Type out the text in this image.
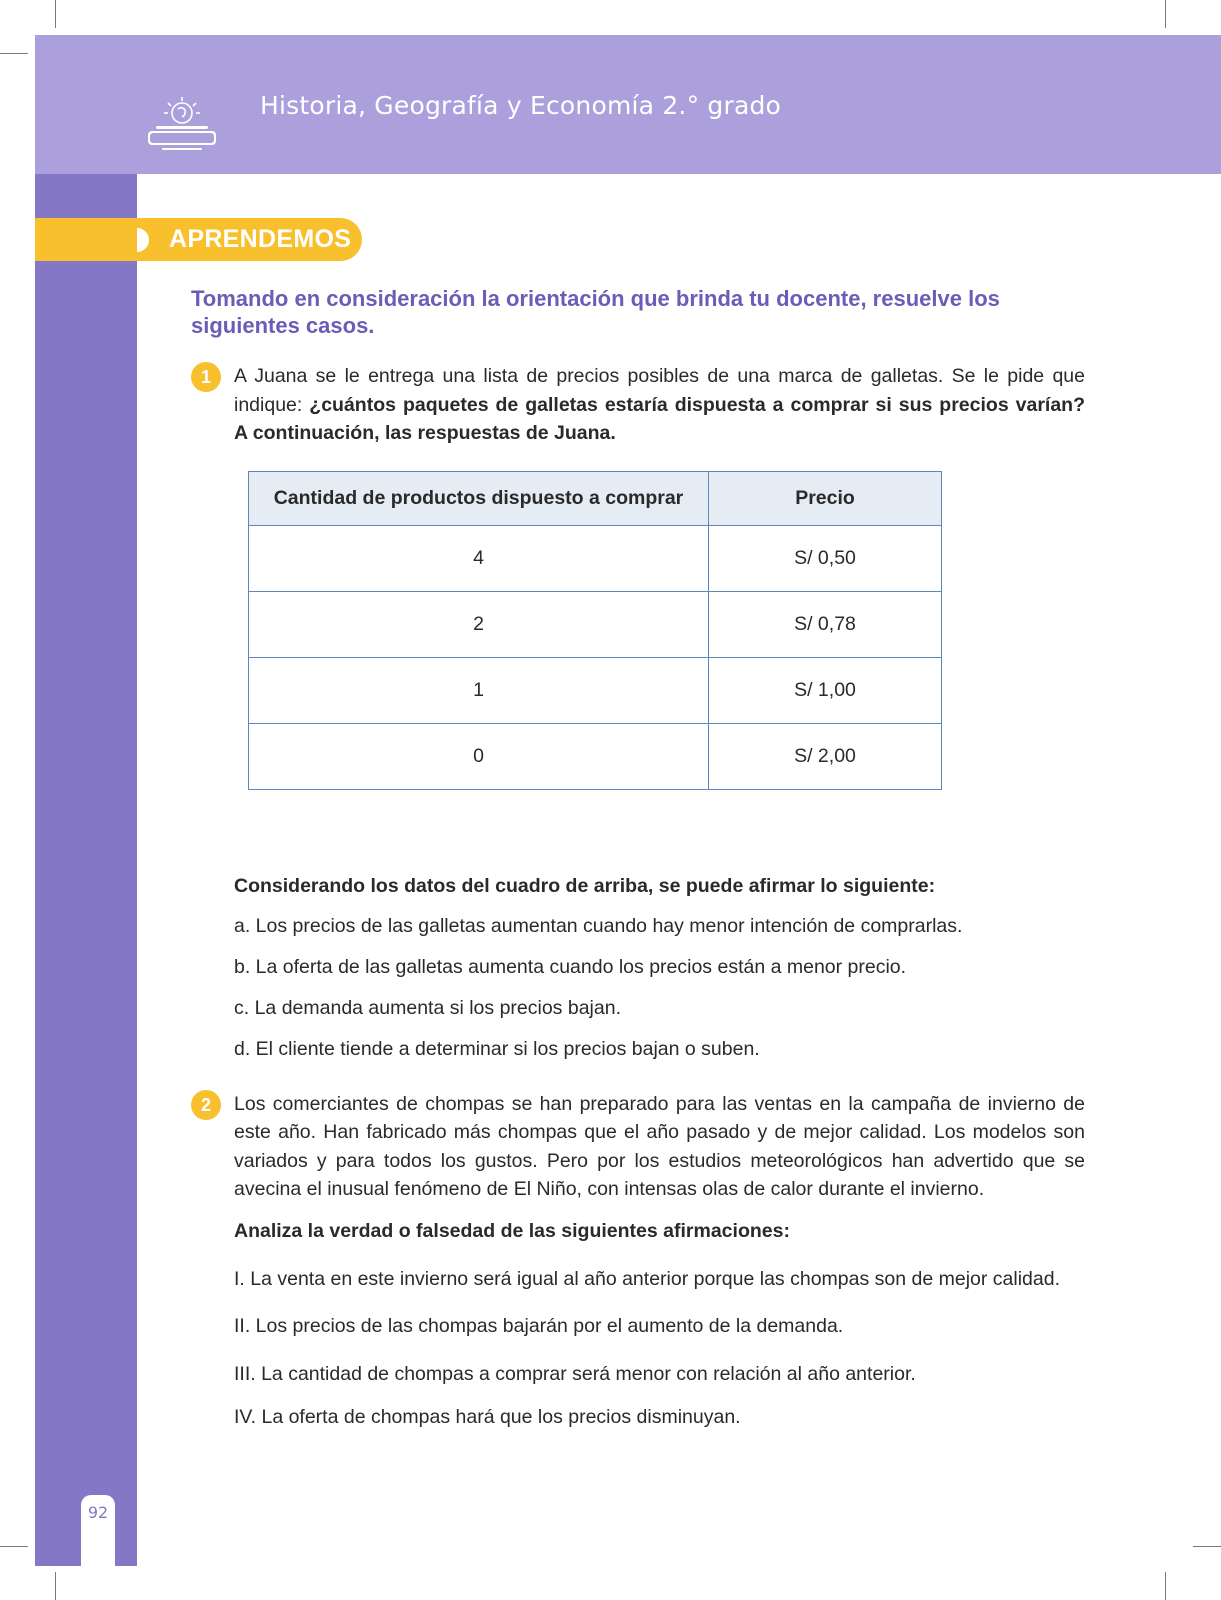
Historia, Geografía y Economía 2.° grado
92
APRENDEMOS

Tomando en consideración la orientación que brinda tu docente, resuelve los siguientes casos.

1	A Juana se le entrega una lista de precios posibles de una marca de galletas. Se le pide que indique: ¿cuántos paquetes de galletas estaría dispuesta a comprar si sus precios varían? A continuación, las respuestas de Juana.
Cantidad de productos dispuesto a comprar	Precio
4	S/ 0,50
2	S/ 0,78
1	S/ 1,00
0	S/ 2,00
Considerando los datos del cuadro de arriba, se puede afirmar lo siguiente:
a. Los precios de las galletas aumentan cuando hay menor intención de comprarlas.
b. La oferta de las galletas aumenta cuando los precios están a menor precio.
c. La demanda aumenta si los precios bajan.
d. El cliente tiende a determinar si los precios bajan o suben.
2	Los comerciantes de chompas se han preparado para las ventas en la campaña de invierno de este año. Han fabricado más chompas que el año pasado y de mejor calidad. Los modelos son variados y para todos los gustos. Pero por los estudios meteorológicos han advertido que se avecina el inusual fenómeno de El Niño, con intensas olas de calor durante el invierno.
Analiza la verdad o falsedad de las siguientes afirmaciones:
I. La venta en este invierno será igual al año anterior porque las chompas son de mejor calidad.
II. Los precios de las chompas bajarán por el aumento de la demanda.
III. La cantidad de chompas a comprar será menor con relación al año anterior.
IV. La oferta de chompas hará que los precios disminuyan.
